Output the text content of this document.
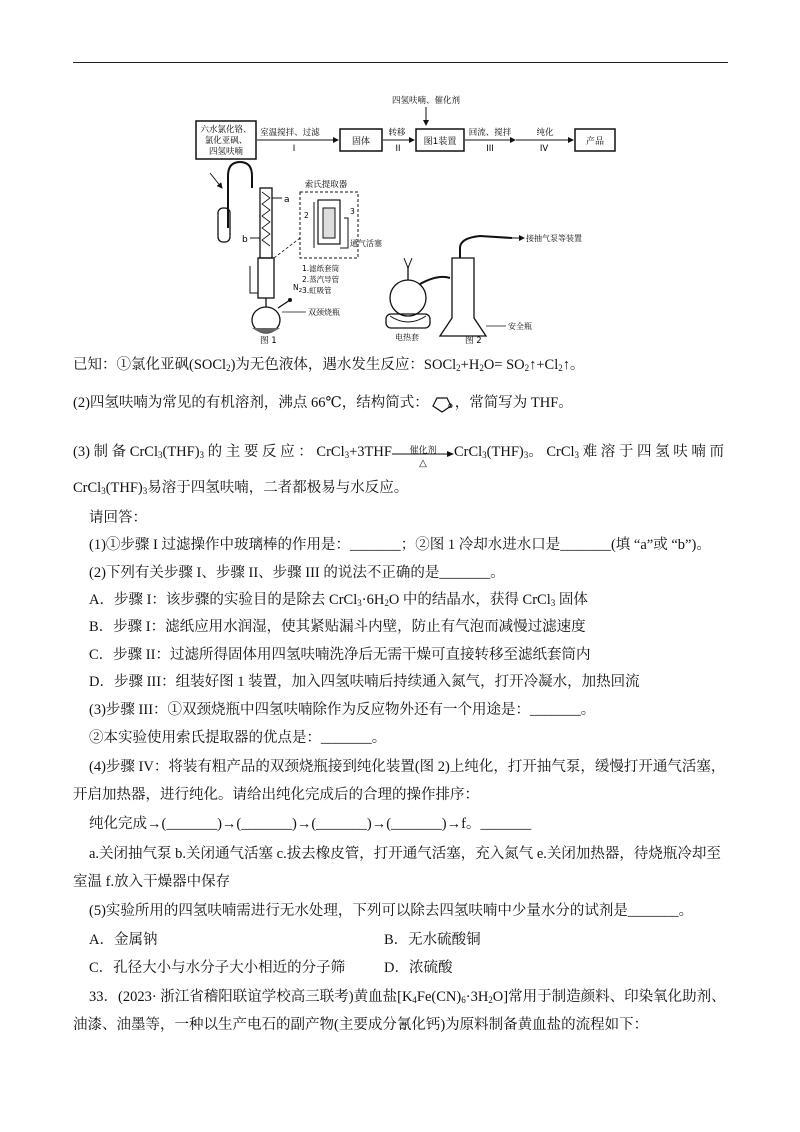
四氢呋喃、催化剂
六水氯化铬、
氯化亚砜、
四氢呋喃
室温搅拌、过滤
I
固体
转移
II
图1装置
回流、搅拌
III
纯化
IV
产品
a
b
$N_2$
索氏提取器
2	3
1.滤纸套筒
2.蒸汽导管
3.虹吸管
双颈烧瓶
图 1
通气活塞
电热套
接抽气泵等装置
安全瓶
图 2
已知：①氯化亚砜(SOCl$_2$)为无色液体，遇水发生反应：$SOCl_2+H_2O=$ $SO_2↑+Cl_2↑$。
(2)四氢呋喃为常见的有机溶剂，沸点 66℃，结构简式： o ，常简写为 THF。
(3) 制 备 $CrCl_3(THF)_3$ 的 主 要 反 应 ： CrCl$_3$+3THF	催化剂
△
$CrCl_3(THF)_3$。 CrCl$_3$ 难 溶 于 四 氢 呋 喃 而
$CrCl_3(THF)_3$易溶于四氢呋喃，二者都极易与水反应。
请回答：
(1)①步骤 I 过滤操作中玻璃棒的作用是：_______；②图 1 冷却水进水口是_______(填 “a”或 “b”)。
(2)下列有关步骤 I、步骤 II、步骤 III 的说法不正确的是_______。
A．步骤 I：该步骤的实验目的是除去 $CrCl_3\cdot 6H_2O$ 中的结晶水，获得 CrCl$_3$ 固体
B．步骤 I：滤纸应用水润湿，使其紧贴漏斗内壁，防止有气泡而减慢过滤速度
C．步骤 II：过滤所得固体用四氢呋喃洗净后无需干燥可直接转移至滤纸套筒内
D．步骤 III：组装好图 1 装置，加入四氢呋喃后持续通入氮气，打开冷凝水，加热回流
(3)步骤 III：①双颈烧瓶中四氢呋喃除作为反应物外还有一个用途是：_______。
②本实验使用索氏提取器的优点是：_______。
(4)步骤 IV：将装有粗产品的双颈烧瓶接到纯化装置(图 2)上纯化，打开抽气泵，缓慢打开通气活塞，
开启加热器，进行纯化。请给出纯化完成后的合理的操作排序：
纯化完成→(_______)→(_______)→(_______)→(_______)→f。_______
a.关闭抽气泵 b.关闭通气活塞 c.拔去橡皮管，打开通气活塞，充入氮气 e.关闭加热器，待烧瓶冷却至
室温 f.放入干燥器中保存
(5)实验所用的四氢呋喃需进行无水处理，下列可以除去四氢呋喃中少量水分的试剂是_______。
A．金属钠	B．无水硫酸铜
C．孔径大小与水分子大小相近的分子筛	D．浓硫酸
33．(2023· 浙江省稽阳联谊学校高三联考)黄血盐$[K_4Fe(CN)_6\cdot 3H_2O]$常用于制造颜料、印染氧化助剂、
油漆、油墨等，一种以生产电石的副产物(主要成分氰化钙)为原料制备黄血盐的流程如下：
